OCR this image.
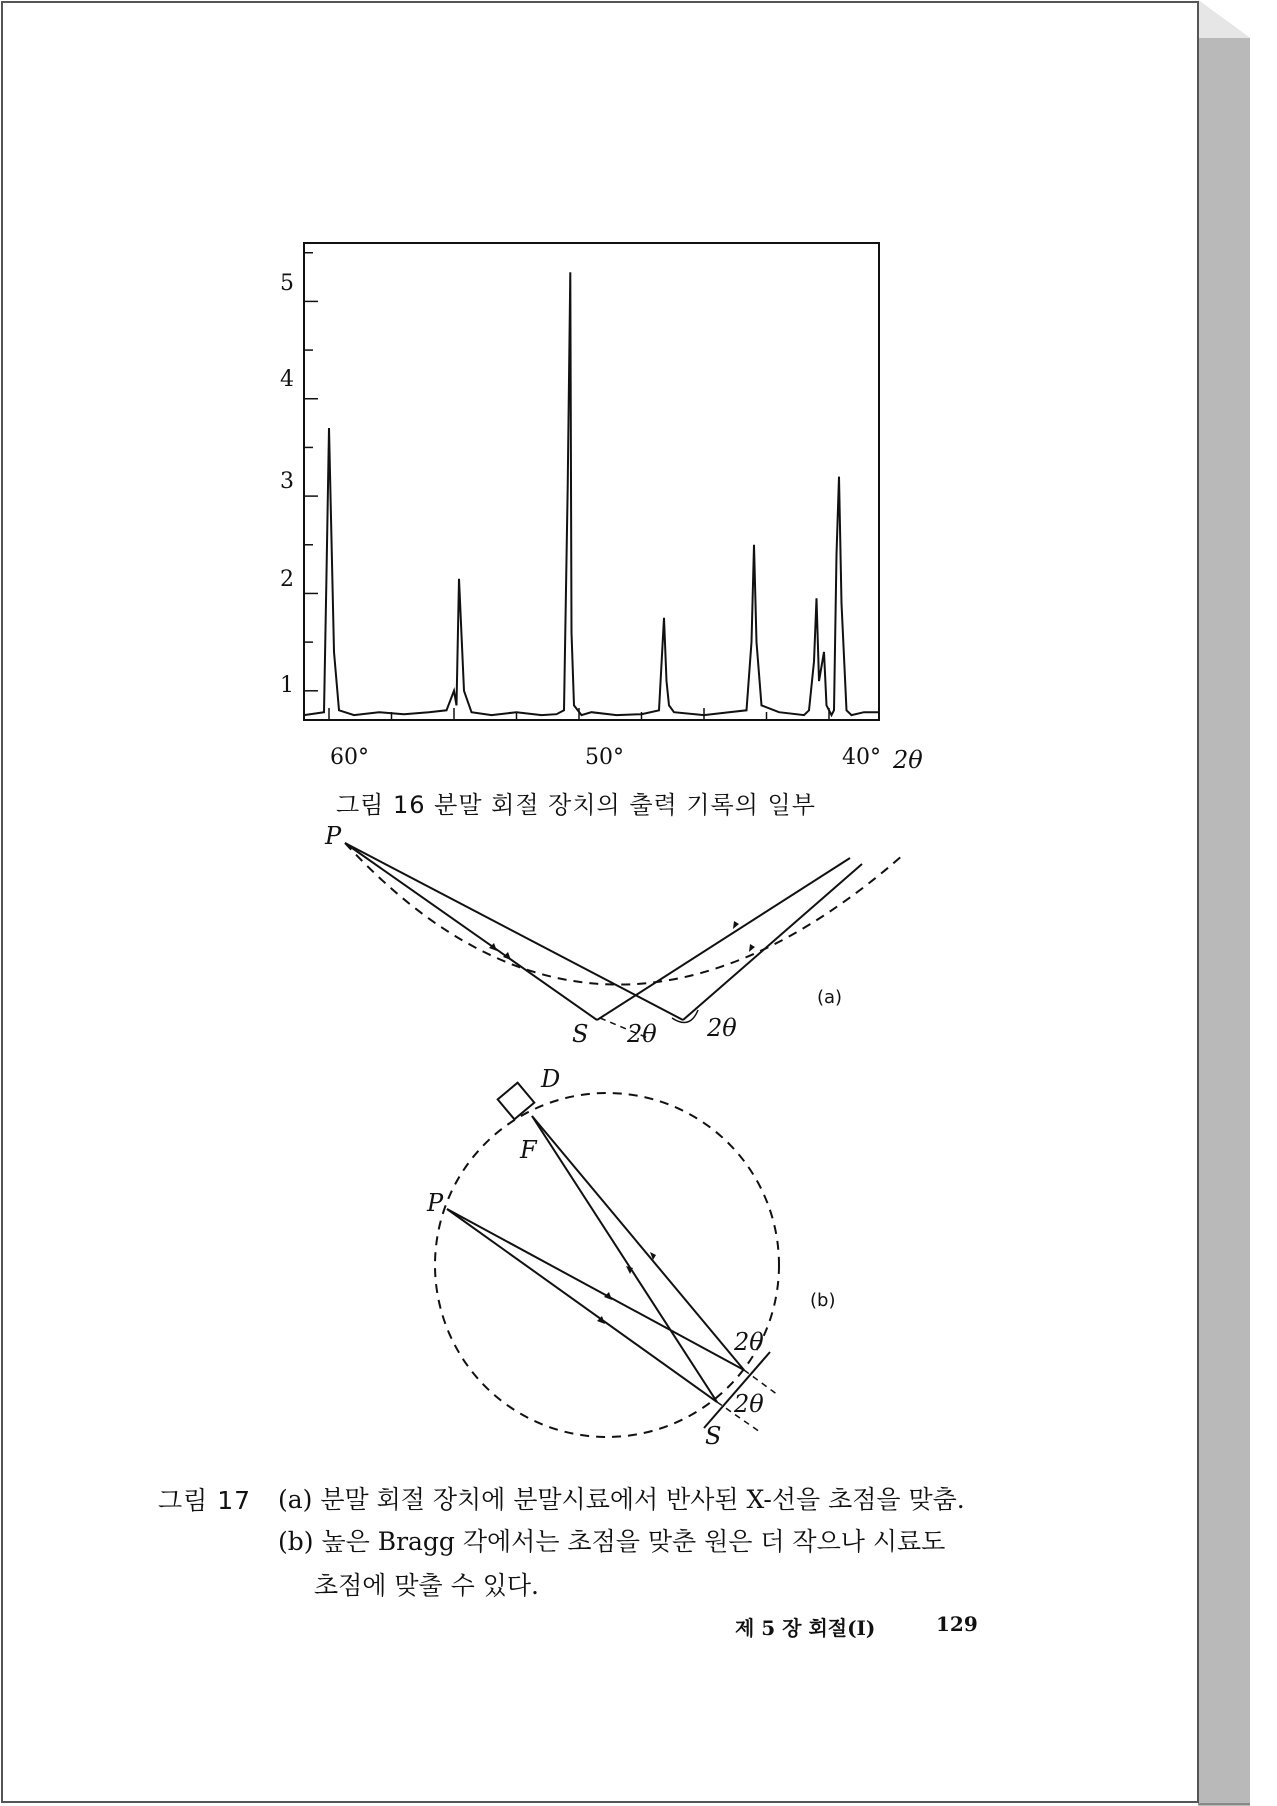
5
4
3
2
1
60°	50°	40° 2θ
그림 16 분말 회절 장치의 출력 기록의 일부
P
S 2θ 2θ
(a)
D
F
P
S
2θ
2θ
(b)
그림 17 (a) 분말 회절 장치에 분말시료에서 반사된 X-선을 초점을 맞춤.
(b) 높은 Bragg 각에서는 초점을 맞춘 원은 더 작으나 시료도
초점에 맞출 수 있다.
제 5 장 회절(Ⅰ)	129
